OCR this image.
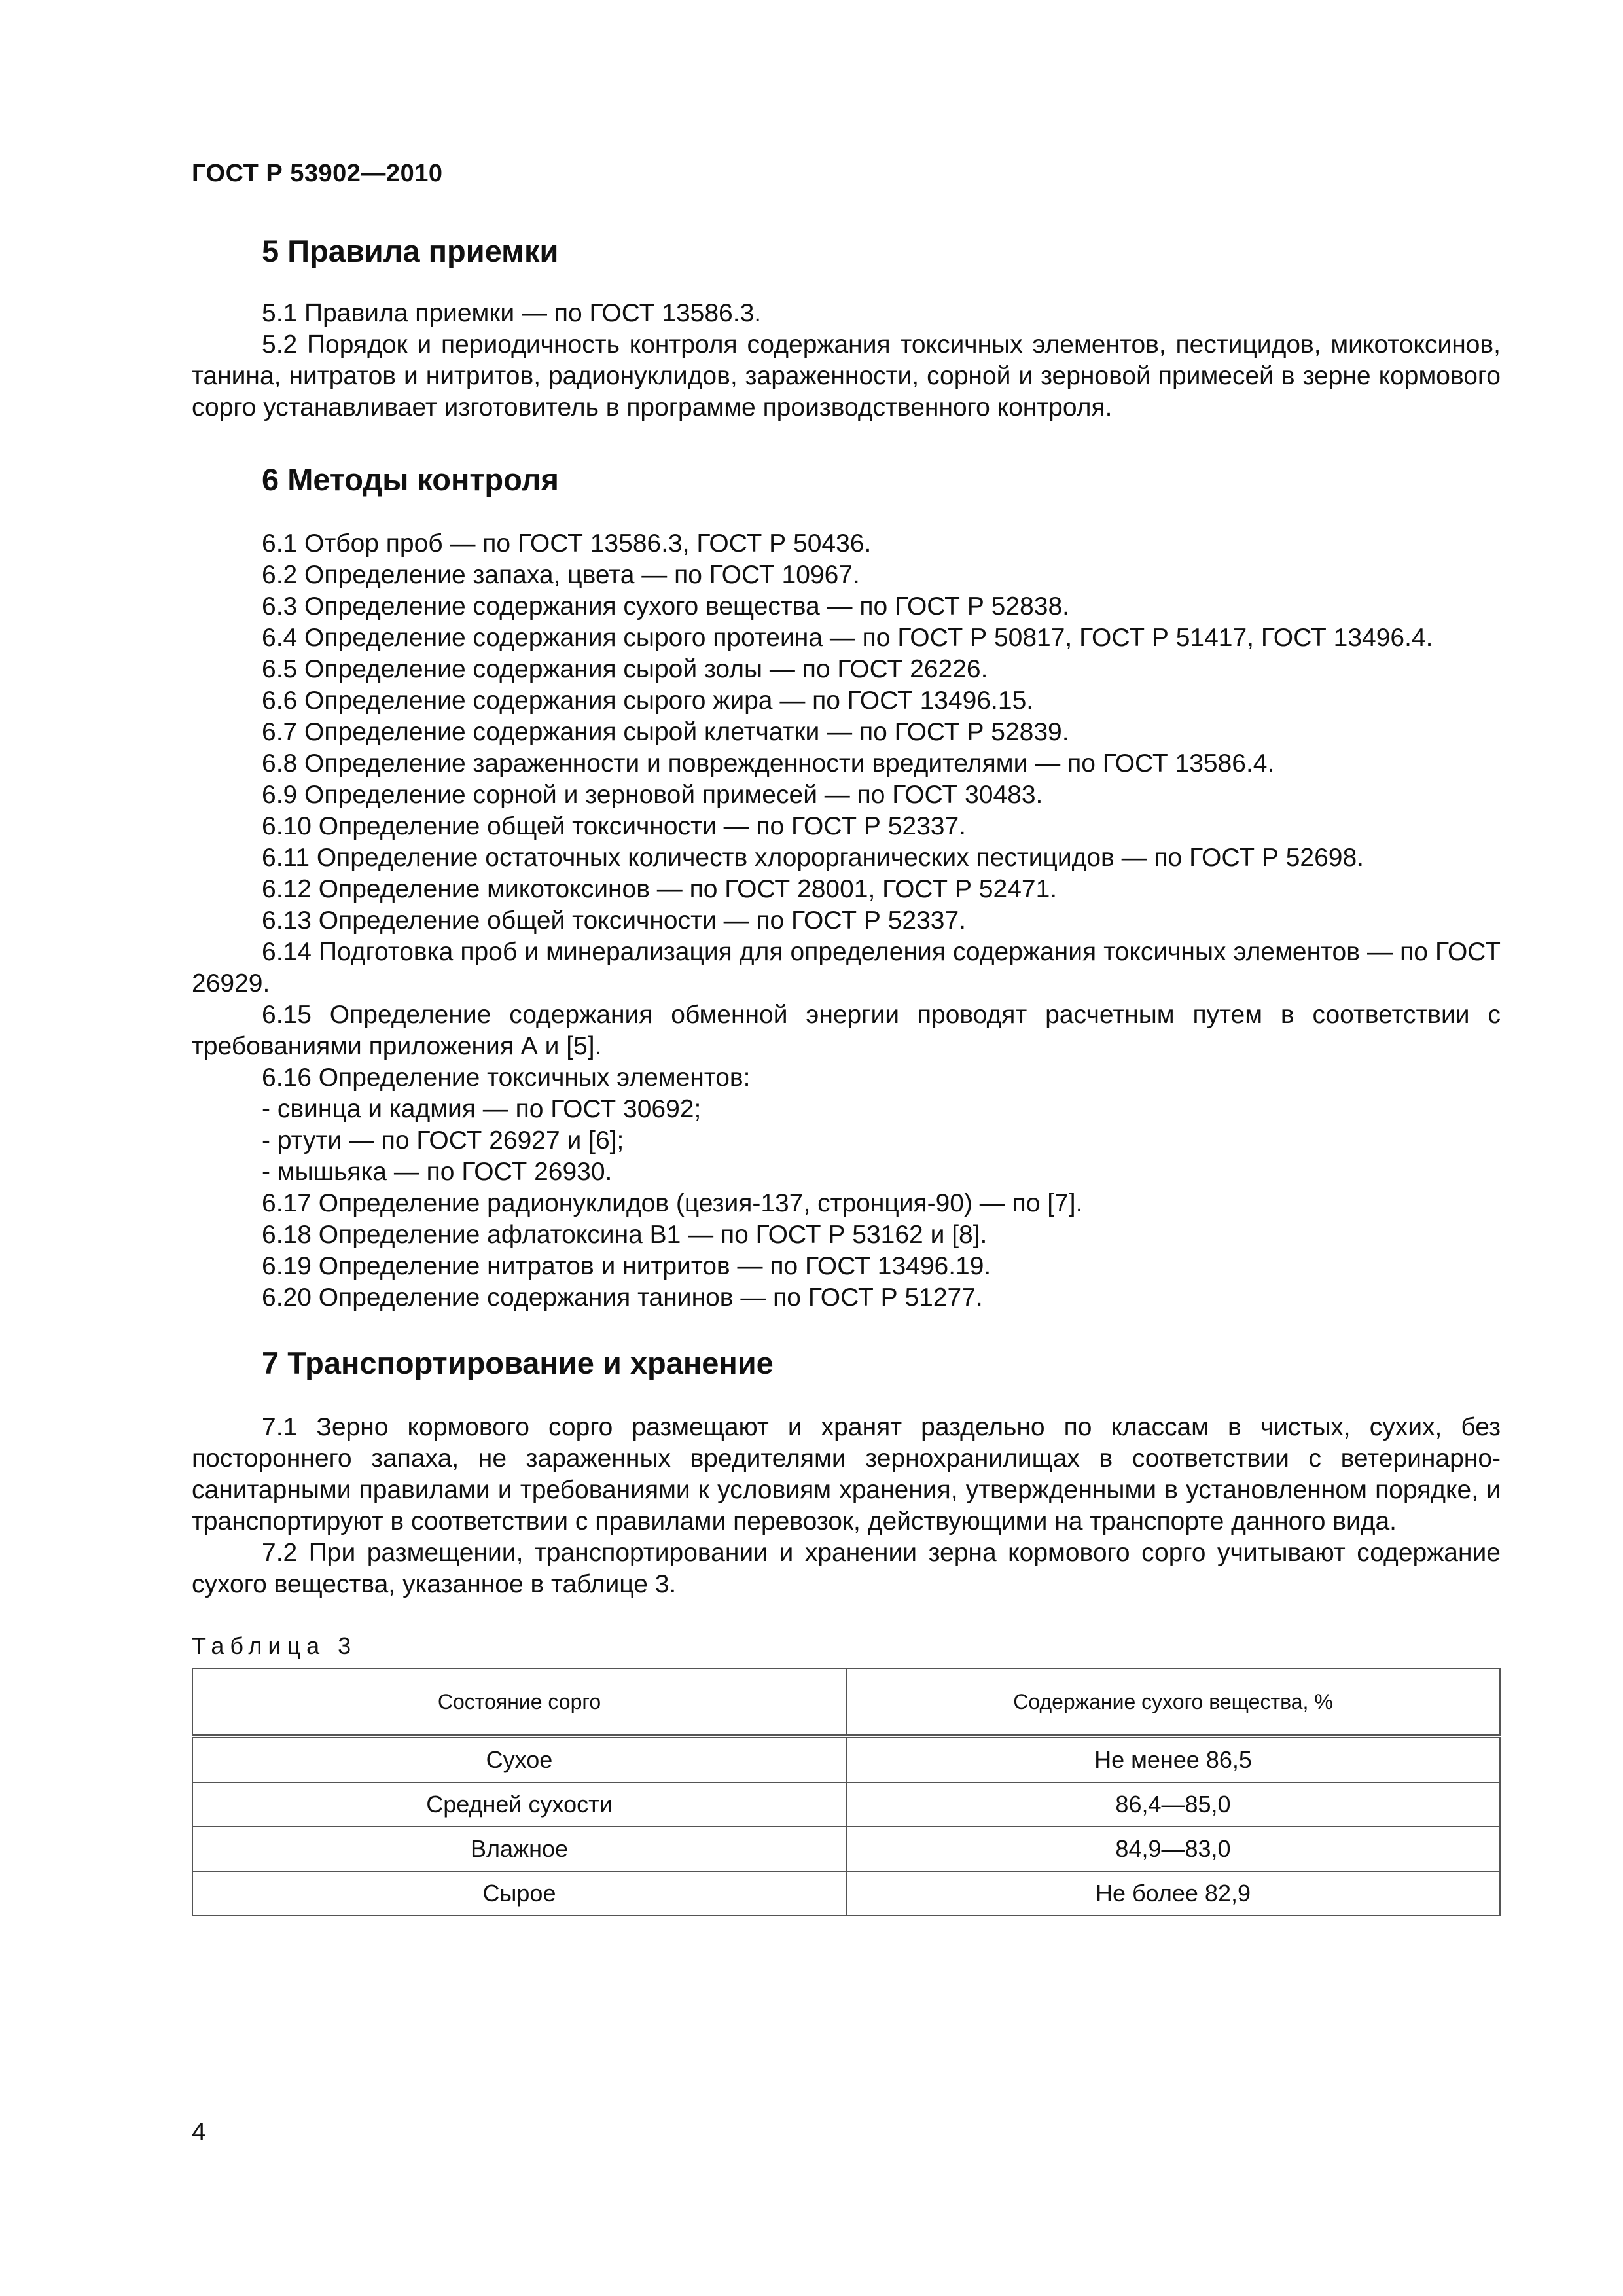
ГОСТ Р 53902—2010
5 Правила приемки

5.1 Правила приемки — по ГОСТ 13586.3.

5.2 Порядок и периодичность контроля содержания токсичных элементов, пестицидов, микотоксинов, танина, нитратов и нитритов, радионуклидов, зараженности, сорной и зерновой примесей в зерне кормового сорго устанавливает изготовитель в программе производственного контроля.

6 Методы контроля
6.1 Отбор проб — по ГОСТ 13586.3, ГОСТ Р 50436.
6.2 Определение запаха, цвета — по ГОСТ 10967.
6.3 Определение содержания сухого вещества — по ГОСТ Р 52838.
6.4 Определение содержания сырого протеина — по ГОСТ Р 50817, ГОСТ Р 51417, ГОСТ 13496.4.
6.5 Определение содержания сырой золы — по ГОСТ 26226.
6.6 Определение содержания сырого жира — по ГОСТ 13496.15.
6.7 Определение содержания сырой клетчатки — по ГОСТ Р 52839.
6.8 Определение зараженности и поврежденности вредителями — по ГОСТ 13586.4.
6.9 Определение сорной и зерновой примесей — по ГОСТ 30483.
6.10 Определение общей токсичности — по ГОСТ Р 52337.
6.11 Определение остаточных количеств хлорорганических пестицидов — по ГОСТ Р 52698.
6.12 Определение микотоксинов — по ГОСТ 28001, ГОСТ Р 52471.
6.13 Определение общей токсичности — по ГОСТ Р 52337.
6.14 Подготовка проб и минерализация для определения содержания токсичных элементов — по ГОСТ 26929.
6.15 Определение содержания обменной энергии проводят расчетным путем в соответствии с требованиями приложения А и [5].
6.16 Определение токсичных элементов:
- свинца и кадмия — по ГОСТ 30692;
- ртути — по ГОСТ 26927 и [6];
- мышьяка — по ГОСТ 26930.
6.17 Определение радионуклидов (цезия-137, стронция-90) — по [7].
6.18 Определение афлатоксина В1 — по ГОСТ Р 53162 и [8].
6.19 Определение нитратов и нитритов — по ГОСТ 13496.19.
6.20 Определение содержания танинов — по ГОСТ Р 51277.
7 Транспортирование и хранение

7.1 Зерно кормового сорго размещают и хранят раздельно по классам в чистых, сухих, без постороннего запаха, не зараженных вредителями зернохранилищах в соответствии с ветеринарно-санитарными правилами и требованиями к условиям хранения, утвержденными в установленном порядке, и транспортируют в соответствии с правилами перевозок, действующими на транспорте данного вида.

7.2 При размещении, транспортировании и хранении зерна кормового сорго учитывают содержание сухого вещества, указанное в таблице 3.

Таблица 3
Состояние сорго	Содержание сухого вещества, %
Сухое	Не менее 86,5
Средней сухости	86,4—85,0
Влажное	84,9—83,0
Сырое	Не более 82,9
4
